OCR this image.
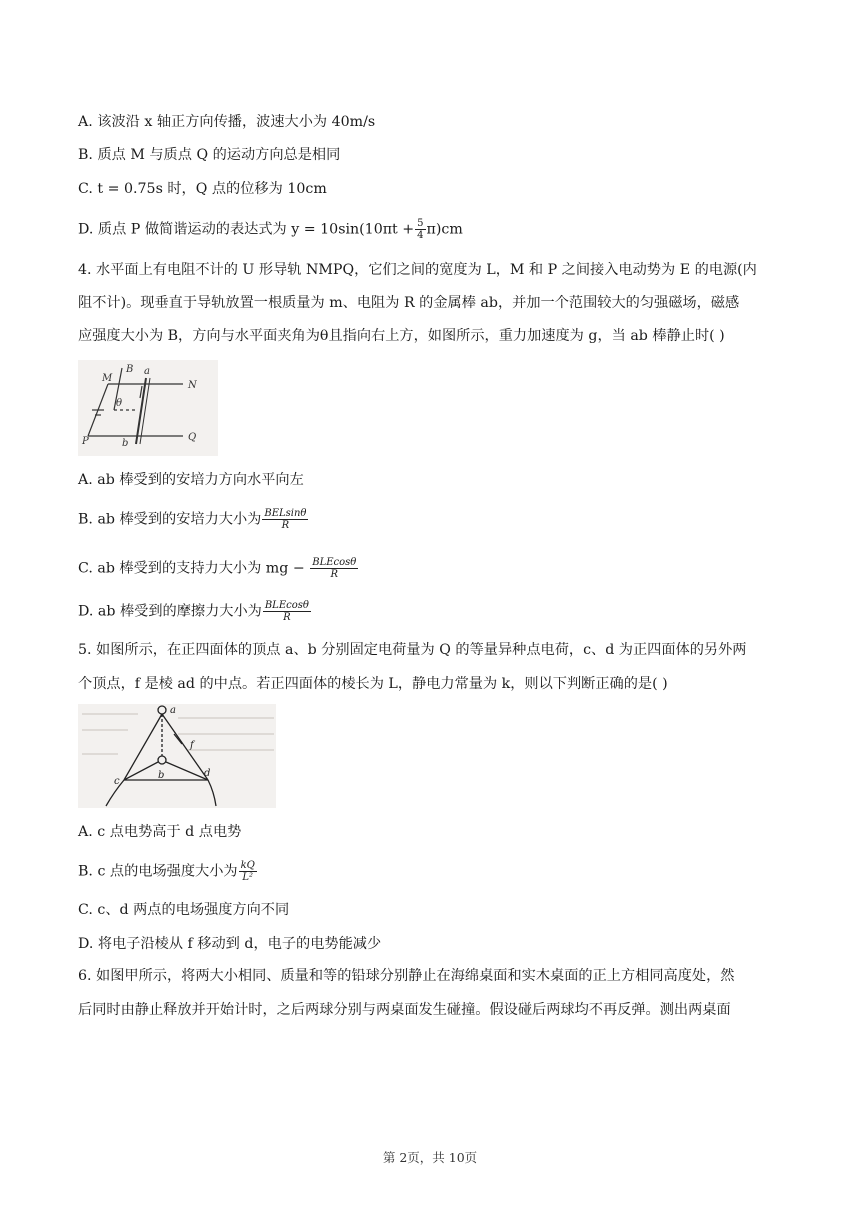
A. 该波沿 x 轴正方向传播，波速大小为 40m/s
B. 质点 M 与质点 Q 的运动方向总是相同
C. t = 0.75s 时，Q 点的位移为 10cm
D. 质点 P 做简谐运动的表达式为 $y = 10\sin(10\pi t + \frac{5}{4} \pi)cm$
4. 水平面上有电阻不计的 U 形导轨 NMPQ，它们之间的宽度为 L，M 和 P 之间接入电动势为 E 的电源(内
阻不计)。现垂直于导轨放置一根质量为 m、电阻为 R 的金属棒 ab，并加一个范围较大的匀强磁场，磁感
应强度大小为 B，方向与水平面夹角为θ且指向右上方，如图所示，重力加速度为 g，当 ab 棒静止时( )
M
B a
N
θ
P	b
Q
A. ab 棒受到的安培力方向水平向左
B. ab 棒受到的安培力大小为 $\frac{\text{BELsinθ}}{R}$
C. ab 棒受到的支持力大小为 mg − $\frac{\text{BLEcosθ}}{R}$
D. ab 棒受到的摩擦力大小为 $\frac{\text{BLEcosθ}}{R}$
5. 如图所示，在正四面体的顶点 a、b 分别固定电荷量为 Q 的等量异种点电荷，c、d 为正四面体的另外两
个顶点，f 是棱 ad 的中点。若正四面体的棱长为 L，静电力常量为 k，则以下判断正确的是( )
a
b
c
d
f
A. c 点电势高于 d 点电势
B. c 点的电场强度大小为 $\frac{kQ}{\text{L²}}$
C. c、d 两点的电场强度方向不同
D. 将电子沿棱从 f 移动到 d，电子的电势能减少
6. 如图甲所示，将两大小相同、质量和等的铅球分别静止在海绵桌面和实木桌面的正上方相同高度处，然
后同时由静止释放并开始计时，之后两球分别与两桌面发生碰撞。假设碰后两球均不再反弹。测出两桌面
第 2页，共 10页
